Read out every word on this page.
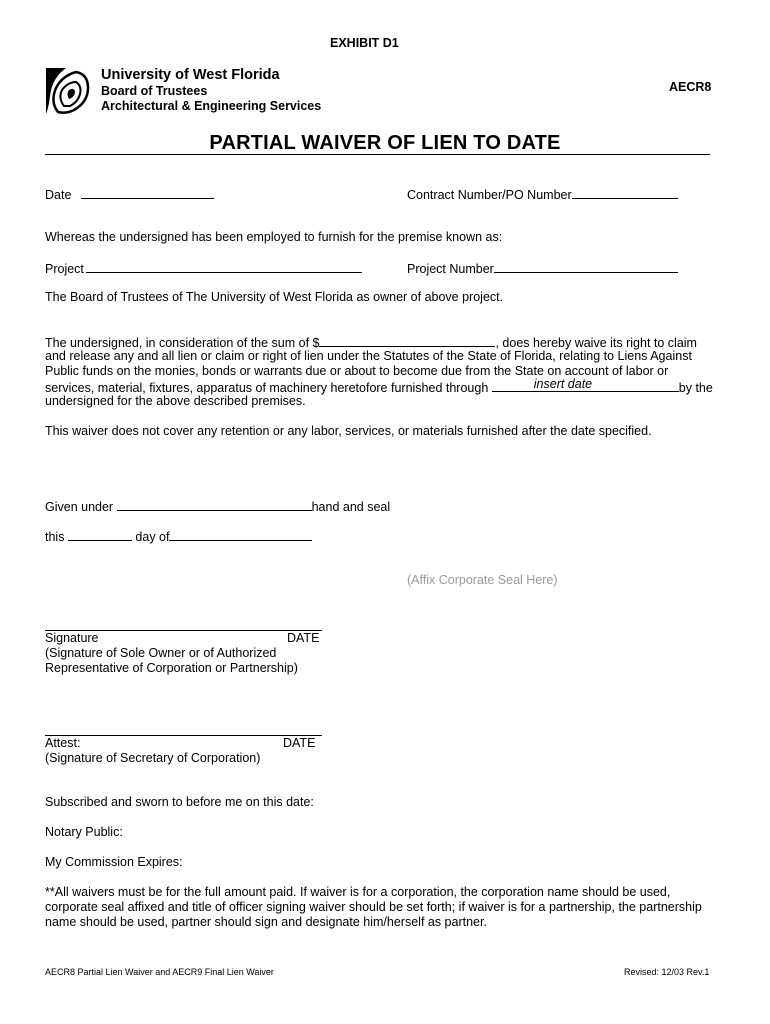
EXHIBIT D1
University of West Florida
Board of Trustees
Architectural & Engineering Services
AECR8
PARTIAL WAIVER OF LIEN TO DATE
Date	Contract Number/PO Number
Whereas the undersigned has been employed to furnish for the premise known as:
Project	Project Number
The Board of Trustees of The University of West Florida as owner of above project.
The undersigned, in consideration of the sum of $	, does hereby waive its right to claim
and release any and all lien or claim or right of lien under the Statutes of the State of Florida, relating to Liens Against
Public funds on the monies, bonds or warrants due or about to become due from the State on account of labor or
services, material, fixtures, apparatus of machinery heretofore furnished through	insert date	by the
undersigned for the above described premises.
This waiver does not cover any retention or any labor, services, or materials furnished after the date specified.
Given under	hand and seal
this	day of
(Affix Corporate Seal Here)
Signature	DATE
(Signature of Sole Owner or of Authorized
Representative of Corporation or Partnership)
Attest:	DATE
(Signature of Secretary of Corporation)
Subscribed and sworn to before me on this date:
Notary Public:
My Commission Expires:
**All waivers must be for the full amount paid. If waiver is for a corporation, the corporation name should be used,
corporate seal affixed and title of officer signing waiver should be set forth; if waiver is for a partnership, the partnership
name should be used, partner should sign and designate him/herself as partner.
AECR8 Partial Lien Waiver and AECR9 Final Lien Waiver	Revised: 12/03 Rev.1
